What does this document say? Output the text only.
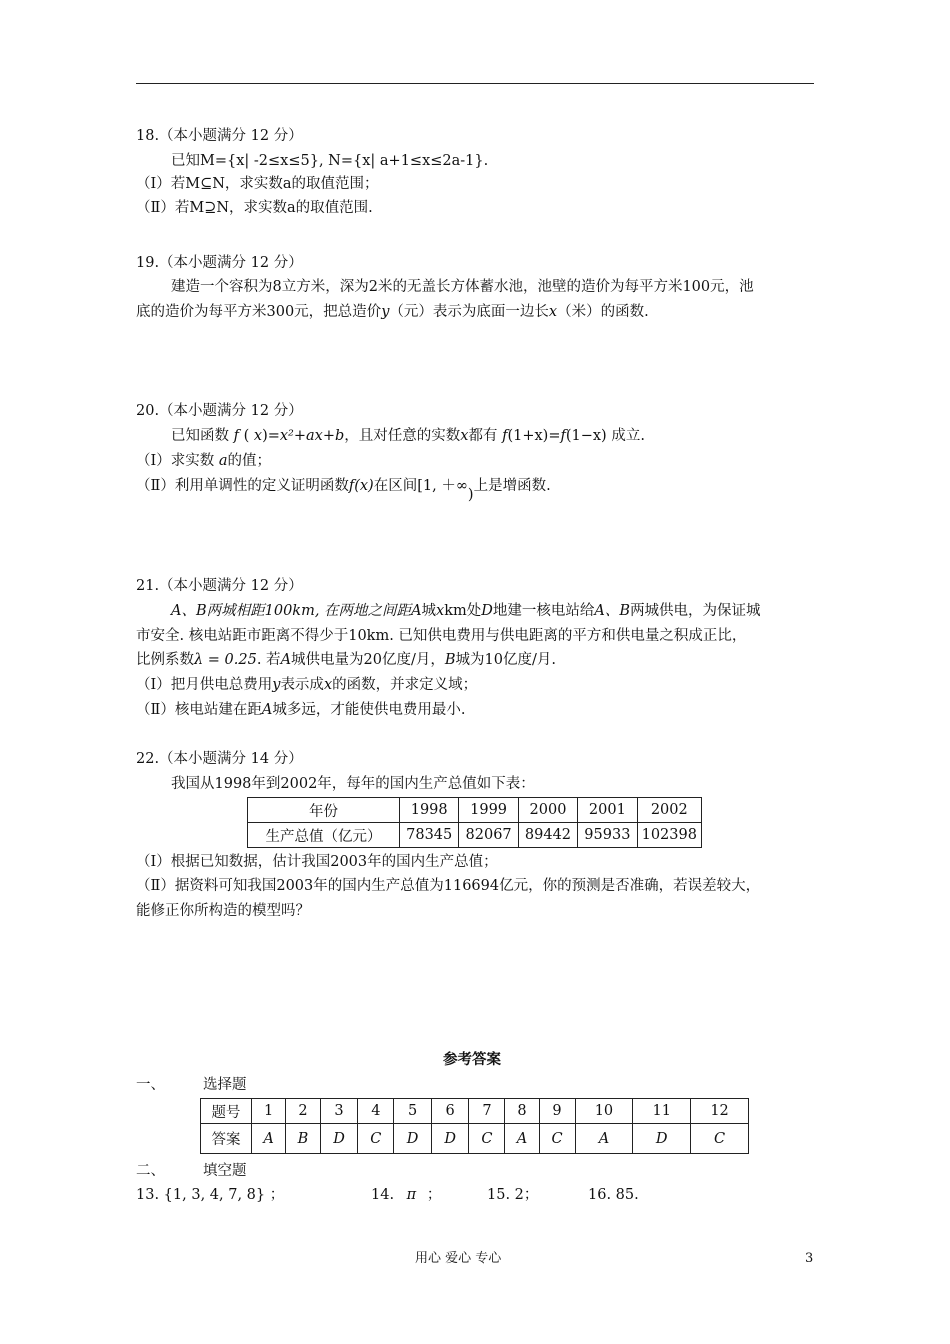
18.（本小题满分 12 分）
已知M={x| -2≤x≤5}, N={x| a+1≤x≤2a-1}.
（Ⅰ）若M⊆N，求实数a的取值范围；
（Ⅱ）若M⊇N，求实数a的取值范围.
19.（本小题满分 12 分）
建造一个容积为8立方米，深为2米的无盖长方体蓄水池，池壁的造价为每平方米100元，池
底的造价为每平方米300元，把总造价y（元）表示为底面一边长x（米）的函数.
20.（本小题满分 12 分）
已知函数 f ( x)=x²+ax+b，且对任意的实数x都有 f(1+x)=f(1−x) 成立.
（Ⅰ）求实数 a的值；
（Ⅱ）利用单调性的定义证明函数f(x)在区间[1, ＋∞)上是增函数.
21.（本小题满分 12 分）
A、B两城相距100km, 在两地之间距A城xkm处D地建一核电站给A、B两城供电，为保证城
市安全. 核电站距市距离不得少于10km. 已知供电费用与供电距离的平方和供电量之积成正比，
比例系数λ = 0.25. 若A城供电量为20亿度/月，B城为10亿度/月.
（Ⅰ）把月供电总费用y表示成x的函数，并求定义域；
（Ⅱ）核电站建在距A城多远，才能使供电费用最小.
22.（本小题满分 14 分）
我国从1998年到2002年，每年的国内生产总值如下表：
年份	1998	1999	2000	2001	2002
生产总值（亿元）	78345	82067	89442	95933	102398
（Ⅰ）根据已知数据，估计我国2003年的国内生产总值；
（Ⅱ）据资料可知我国2003年的国内生产总值为116694亿元，你的预测是否准确，若误差较大，
能修正你所构造的模型吗？
参考答案
一、	选择题
题号	1	2	3	4	5	6	7	8	9	10	11	12
答案	A	B	D	C	D	D	C	A	C	A	D	C
二、	填空题
13. {1, 3, 4, 7, 8} ；	14. π ；	15. 2；	16. 85.
用心 爱心 专心	3
